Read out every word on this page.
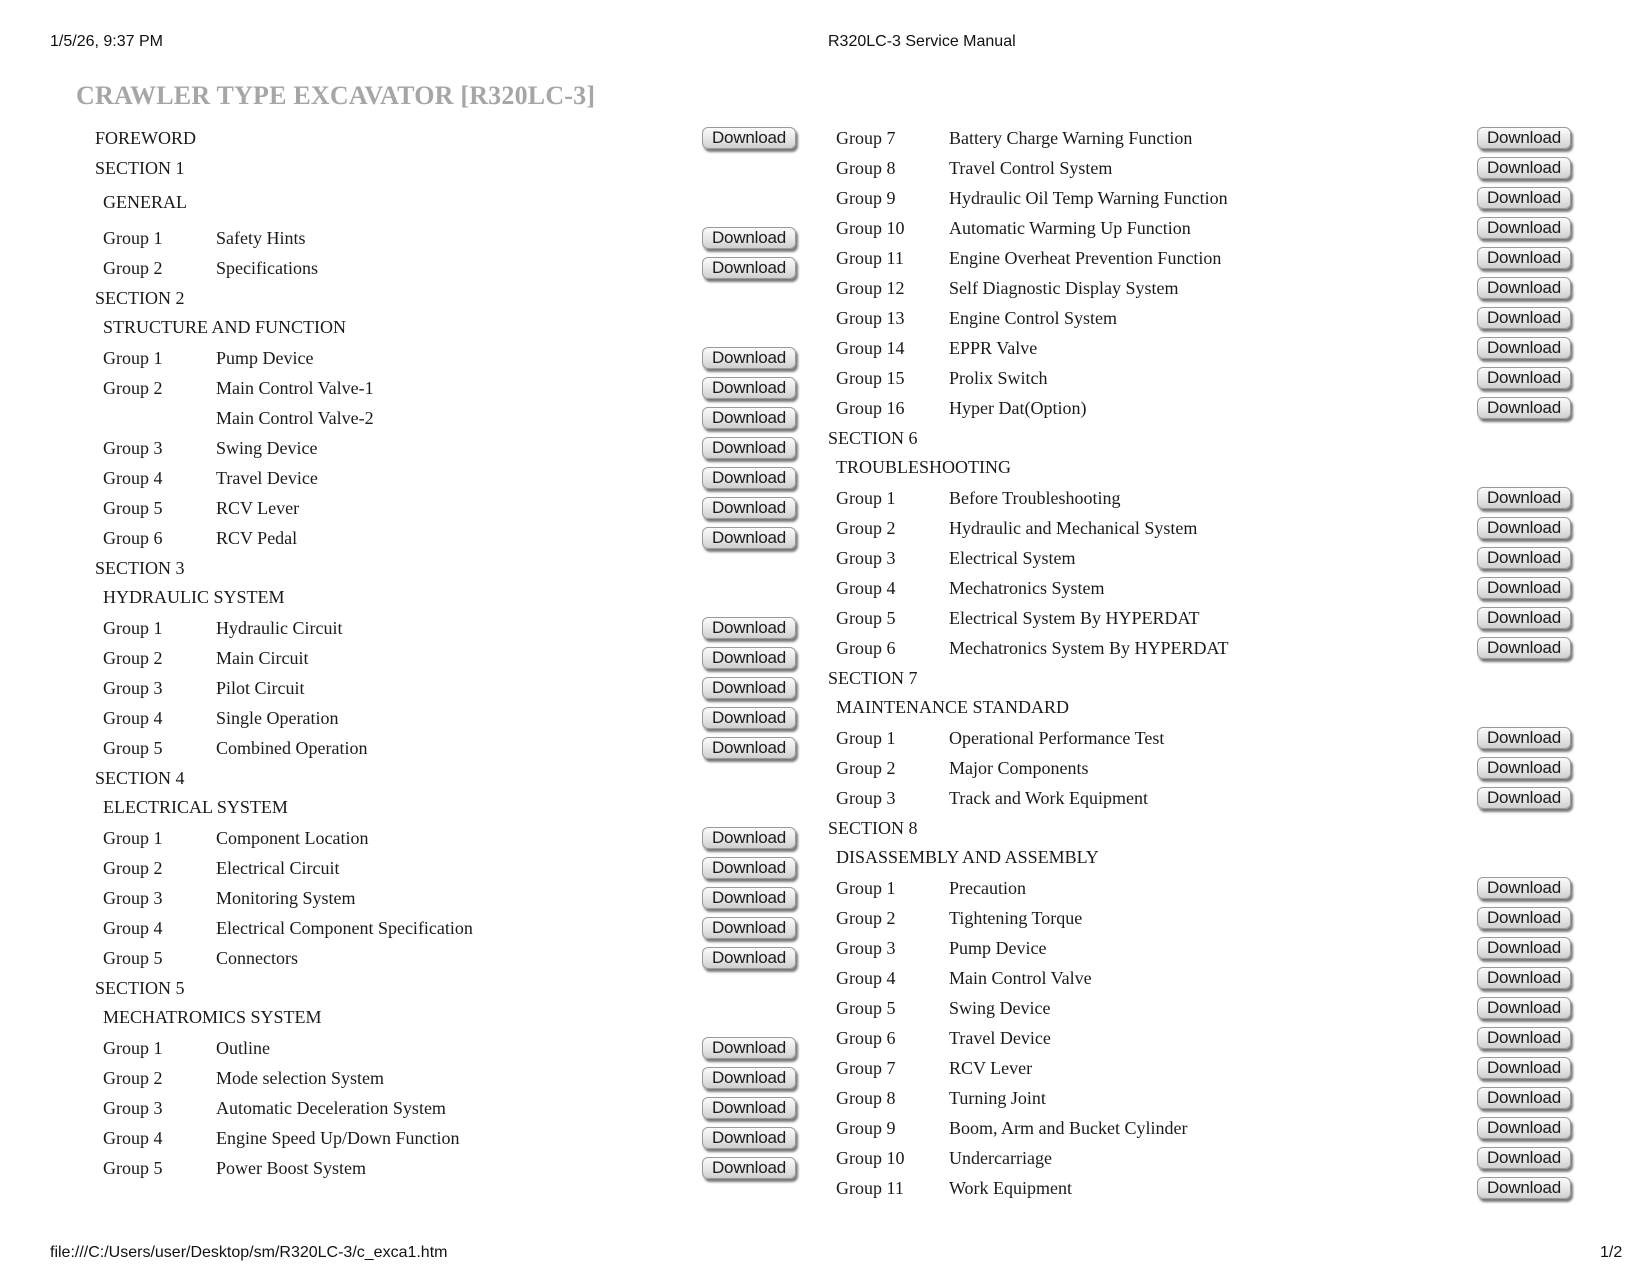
1/5/26, 9:37 PM	R320LC-3 Service Manual
CRAWLER TYPE EXCAVATOR [R320LC-3]
FOREWORD	Download
SECTION 1
GENERAL
Group 1	Safety Hints	Download
Group 2	Specifications	Download
SECTION 2
STRUCTURE AND FUNCTION
Group 1	Pump Device	Download
Group 2	Main Control Valve-1	Download
Main Control Valve-2	Download
Group 3	Swing Device	Download
Group 4	Travel Device	Download
Group 5	RCV Lever	Download
Group 6	RCV Pedal	Download
SECTION 3
HYDRAULIC SYSTEM
Group 1	Hydraulic Circuit	Download
Group 2	Main Circuit	Download
Group 3	Pilot Circuit	Download
Group 4	Single Operation	Download
Group 5	Combined Operation	Download
SECTION 4
ELECTRICAL SYSTEM
Group 1	Component Location	Download
Group 2	Electrical Circuit	Download
Group 3	Monitoring System	Download
Group 4	Electrical Component Specification	Download
Group 5	Connectors	Download
SECTION 5
MECHATROMICS SYSTEM
Group 1	Outline	Download
Group 2	Mode selection System	Download
Group 3	Automatic Deceleration System	Download
Group 4	Engine Speed Up/Down Function	Download
Group 5	Power Boost System	Download
Group 7	Battery Charge Warning Function	Download
Group 8	Travel Control System	Download
Group 9	Hydraulic Oil Temp Warning Function	Download
Group 10 Automatic Warming Up Function	Download
Group 11	Engine Overheat Prevention Function	Download
Group 12 Self Diagnostic Display System	Download
Group 13 Engine Control System	Download
Group 14 EPPR Valve	Download
Group 15 Prolix Switch	Download
Group 16 Hyper Dat(Option)	Download
SECTION 6
TROUBLESHOOTING
Group 1	Before Troubleshooting	Download
Group 2	Hydraulic and Mechanical System	Download
Group 3	Electrical System	Download
Group 4	Mechatronics System	Download
Group 5	Electrical System By HYPERDAT	Download
Group 6	Mechatronics System By HYPERDAT	Download
SECTION 7
MAINTENANCE STANDARD
Group 1	Operational Performance Test	Download
Group 2	Major Components	Download
Group 3	Track and Work Equipment	Download
SECTION 8
DISASSEMBLY AND ASSEMBLY
Group 1	Precaution	Download
Group 2	Tightening Torque	Download
Group 3	Pump Device	Download
Group 4	Main Control Valve	Download
Group 5	Swing Device	Download
Group 6	Travel Device	Download
Group 7	RCV Lever	Download
Group 8	Turning Joint	Download
Group 9	Boom, Arm and Bucket Cylinder	Download
Group 10 Undercarriage	Download
Group 11	Work Equipment	Download
file:///C:/Users/user/Desktop/sm/R320LC-3/c_exca1.htm	1/2
